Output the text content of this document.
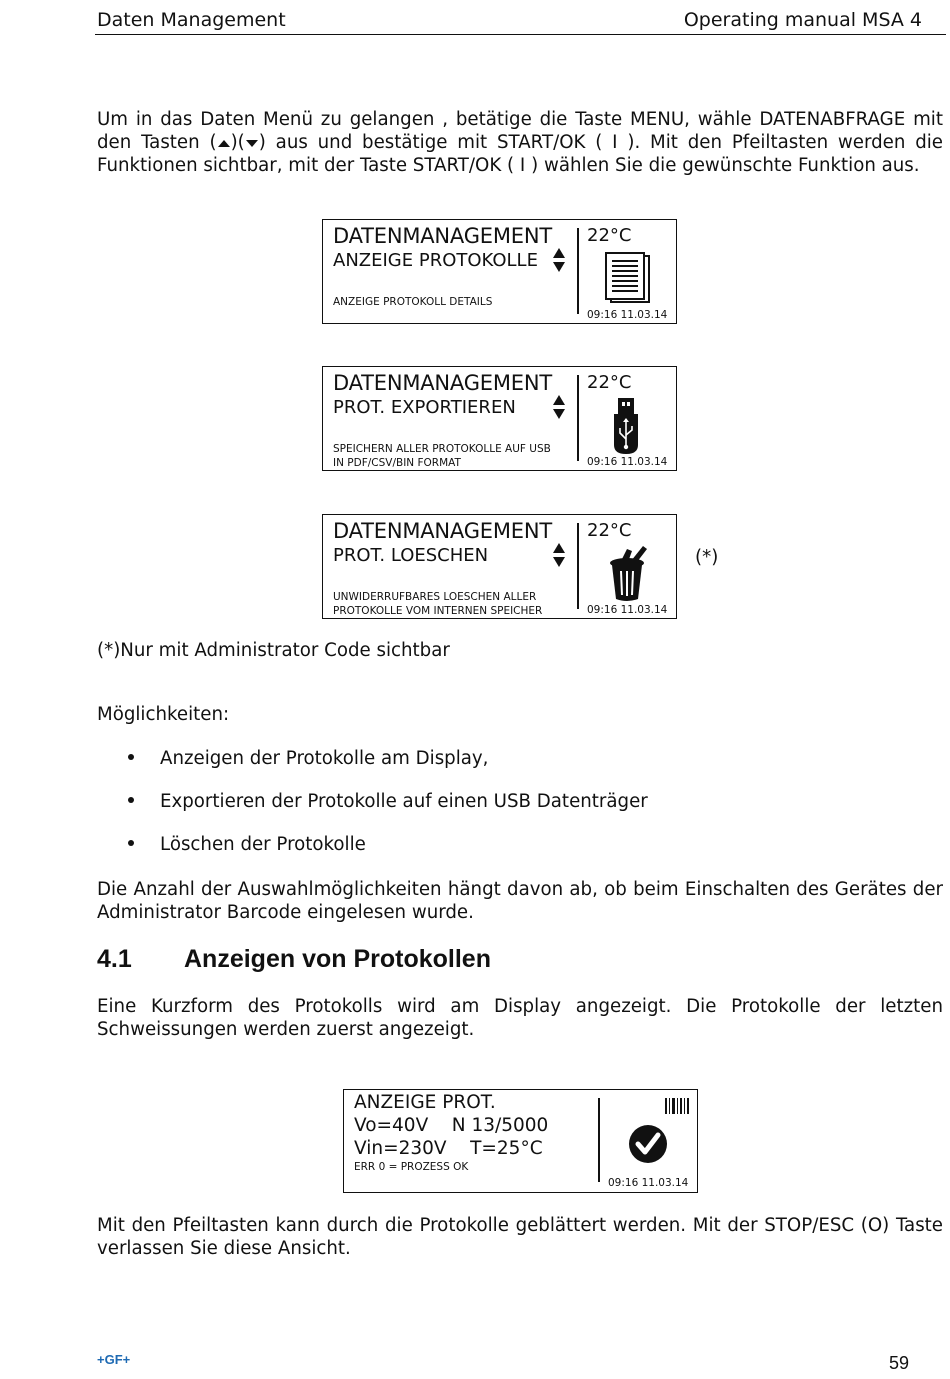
Daten Management	Operating manual MSA 4
Um in das Daten Menü zu gelangen , betätige die Taste MENU, wähle DATENABFRAGE mit den Tasten ( )( ) aus und bestätige mit START/OK ( I ). Mit den Pfeiltasten werden die Funktionen sichtbar, mit der Taste START/OK ( I ) wählen Sie die gewünschte Funktion aus.
DATENMANAGEMENT
ANZEIGE PROTOKOLLE
ANZEIGE PROTOKOLL DETAILS
22°C
09:16 11.03.14
DATENMANAGEMENT
PROT. EXPORTIEREN
SPEICHERN ALLER PROTOKOLLE AUF USB
IN PDF/CSV/BIN FORMAT
22°C
09:16 11.03.14
DATENMANAGEMENT
PROT. LOESCHEN
UNWIDERRUFBARES LOESCHEN ALLER
PROTOKOLLE VOM INTERNEN SPEICHER
22°C
09:16 11.03.14
(*)
(*)Nur mit Administrator Code sichtbar
Möglichkeiten:
Anzeigen der Protokolle am Display,
Exportieren der Protokolle auf einen USB Datenträger
Löschen der Protokolle
Die Anzahl der Auswahlmöglichkeiten hängt davon ab, ob beim Einschalten des Gerätes der Administrator Barcode eingelesen wurde.
4.1 Anzeigen von Protokollen
Eine Kurzform des Protokolls wird am Display angezeigt. Die Protokolle der letzten Schweissungen werden zuerst angezeigt.
ANZEIGE PROT.
Vo=40V    N 13/5000
Vin=230V    T=25°C
ERR 0 = PROZESS OK
09:16 11.03.14
Mit den Pfeiltasten kann durch die Protokolle geblättert werden. Mit der STOP/ESC (O) Taste verlassen Sie diese Ansicht.
+GF+	59
